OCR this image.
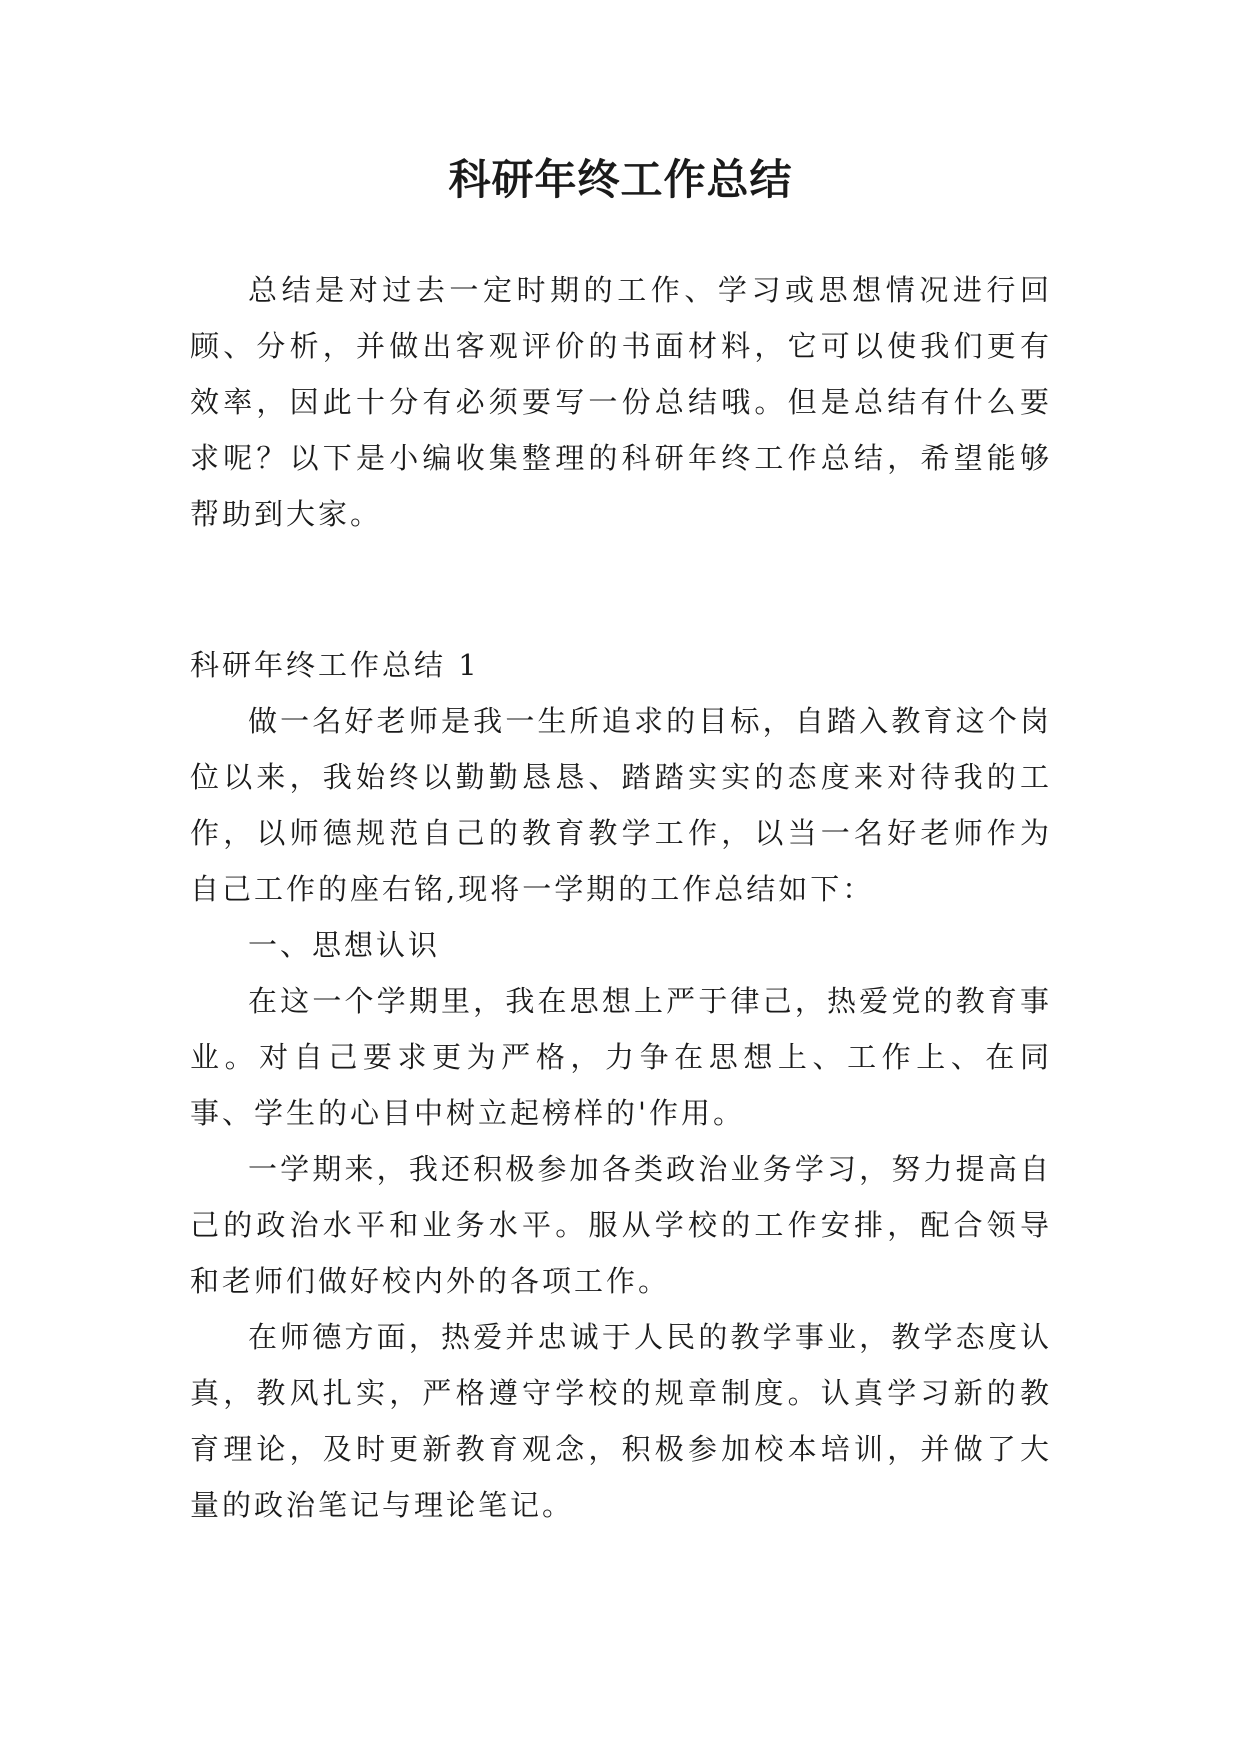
科研年终工作总结

总结是对过去一定时期的工作、学习或思想情况进行回顾、分析，并做出客观评价的书面材料，它可以使我们更有效率，因此十分有必须要写一份总结哦。但是总结有什么要求呢？以下是小编收集整理的科研年终工作总结，希望能够帮助到大家。

科研年终工作总结 1

做一名好老师是我一生所追求的目标，自踏入教育这个岗位以来，我始终以勤勤恳恳、踏踏实实的态度来对待我的工作，以师德规范自己的教育教学工作，以当一名好老师作为自己工作的座右铭,现将一学期的工作总结如下：

一、思想认识

在这一个学期里，我在思想上严于律己，热爱党的教育事业。对自己要求更为严格，力争在思想上、工作上、在同事、学生的心目中树立起榜样的'作用。

一学期来，我还积极参加各类政治业务学习，努力提高自己的政治水平和业务水平。服从学校的工作安排，配合领导和老师们做好校内外的各项工作。

在师德方面，热爱并忠诚于人民的教学事业，教学态度认真，教风扎实，严格遵守学校的规章制度。认真学习新的教育理论，及时更新教育观念，积极参加校本培训，并做了大量的政治笔记与理论笔记。
